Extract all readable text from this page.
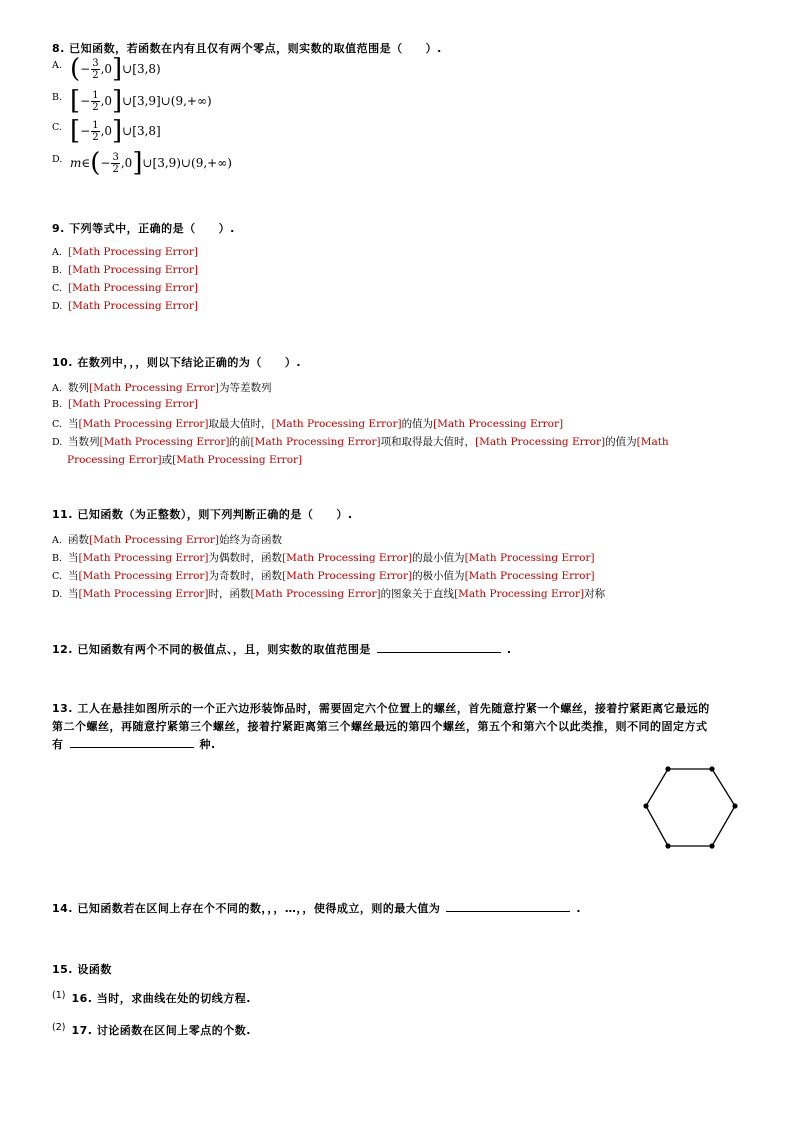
8. 已知函数，若函数在内有且仅有两个零点，则实数的取值范围是（　　）.
A. ( − $\frac{3}{2} ,0$ ] ∪[3,8)
B. [ − $\frac{1}{2} ,0$ ] ∪[3,9]∪(9,+∞)
C. [ − $\frac{1}{2} ,0$ ] ∪[3,8]
D. m∈ ( − $\frac{3}{2} ,0$ ] ∪[3,9)∪(9,+∞)
9. 下列等式中，正确的是（　　）.
A. [Math Processing Error]
B. [Math Processing Error]
C. [Math Processing Error]
D. [Math Processing Error]
10. 在数列中，，，则以下结论正确的为（　　）.
A. 数列[Math Processing Error]为等差数列
B. [Math Processing Error]
C. 当[Math Processing Error]取最大值时，[Math Processing Error]的值为[Math Processing Error]
D. 当数列[Math Processing Error]的前[Math Processing Error]项和取得最大值时，[Math Processing Error]的值为[Math
Processing Error]或[Math Processing Error]
11. 已知函数（为正整数），则下列判断正确的是（　　）.
A. 函数[Math Processing Error]始终为奇函数
B. 当[Math Processing Error]为偶数时，函数[Math Processing Error]的最小值为[Math Processing Error]
C. 当[Math Processing Error]为奇数时，函数[Math Processing Error]的极小值为[Math Processing Error]
D. 当[Math Processing Error]时，函数[Math Processing Error]的图象关于直线[Math Processing Error]对称
12. 已知函数有两个不同的极值点、，且，则实数的取值范围是	.
13. 工人在悬挂如图所示的一个正六边形装饰品时，需要固定六个位置上的螺丝，首先随意拧紧一个螺丝，接着拧紧距离它最远的
第二个螺丝，再随意拧紧第三个螺丝，接着拧紧距离第三个螺丝最远的第四个螺丝，第五个和第六个以此类推，则不同的固定方式
有	种.
14. 已知函数若在区间上存在个不同的数，，，…，，使得成立，则的最大值为	.
15. 设函数
(1) 16. 当时，求曲线在处的切线方程.
(2) 17. 讨论函数在区间上零点的个数.
